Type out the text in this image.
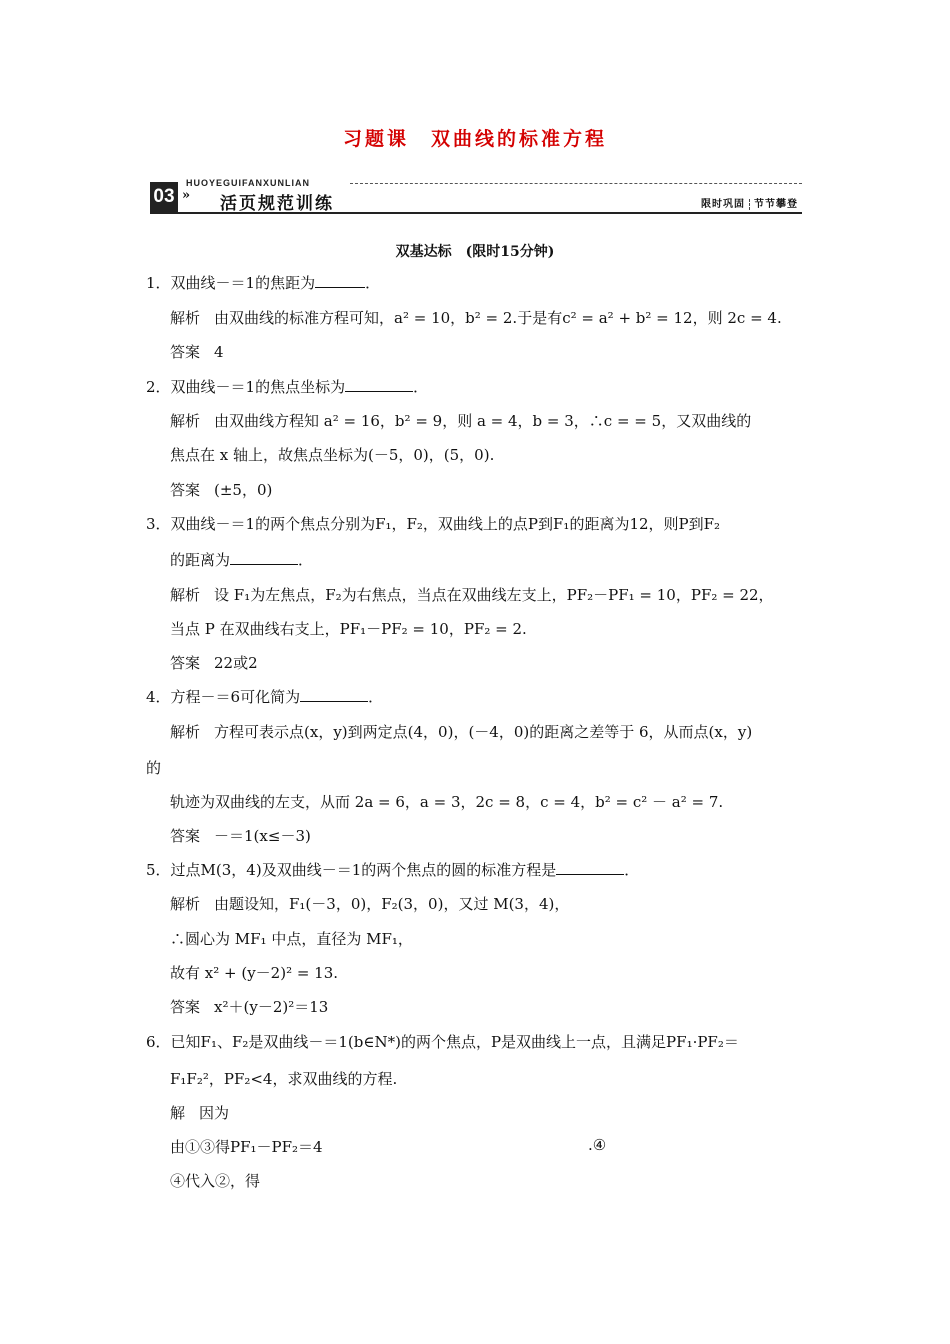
习题课　双曲线的标准方程
HUOYEGUIFANXUNLIAN
03 » 活页规范训练	限时巩固 节节攀登
双基达标　(限时15分钟)
1．双曲线－＝1的焦距为	．
解析 由双曲线的标准方程可知，a² = 10，b² = 2.于是有c² = a² + b² = 12，则 2c = 4.
答案 4
2．双曲线－＝1的焦点坐标为	．
解析 由双曲线方程知 a² = 16，b² = 9，则 a = 4，b = 3，∴c = = 5，又双曲线的
焦点在 x 轴上，故焦点坐标为(－5，0)，(5，0).
答案 (±5，0)
3．双曲线－＝1的两个焦点分别为F₁，F₂，双曲线上的点P到F₁的距离为12，则P到F₂
的距离为	．
解析 设 F₁为左焦点，F₂为右焦点，当点在双曲线左支上，PF₂－PF₁ = 10，PF₂ = 22，
当点 P 在双曲线右支上，PF₁－PF₂ = 10，PF₂ = 2.
答案 22或2
4．方程－＝6可化简为	．
解析 方程可表示点(x，y)到两定点(4，0)，(－4，0)的距离之差等于 6，从而点(x，y)
的
轨迹为双曲线的左支，从而 2a = 6，a = 3，2c = 8，c = 4，b² = c² － a² = 7.
答案 －＝1(x≤－3)
5．过点M(3，4)及双曲线－＝1的两个焦点的圆的标准方程是	．
解析 由题设知，F₁(－3，0)，F₂(3，0)，又过 M(3，4)，
∴圆心为 MF₁ 中点，直径为 MF₁，
故有 x² + (y－2)² = 13.
答案 x²＋(y－2)²＝13
6．已知F₁、F₂是双曲线－＝1(b∈N*)的两个焦点，P是双曲线上一点，且满足PF₁·PF₂＝
F₁F₂²，PF₂<4，求双曲线的方程.
解 因为
由①③得PF₁－PF₂＝4	.④
④代入②，得
